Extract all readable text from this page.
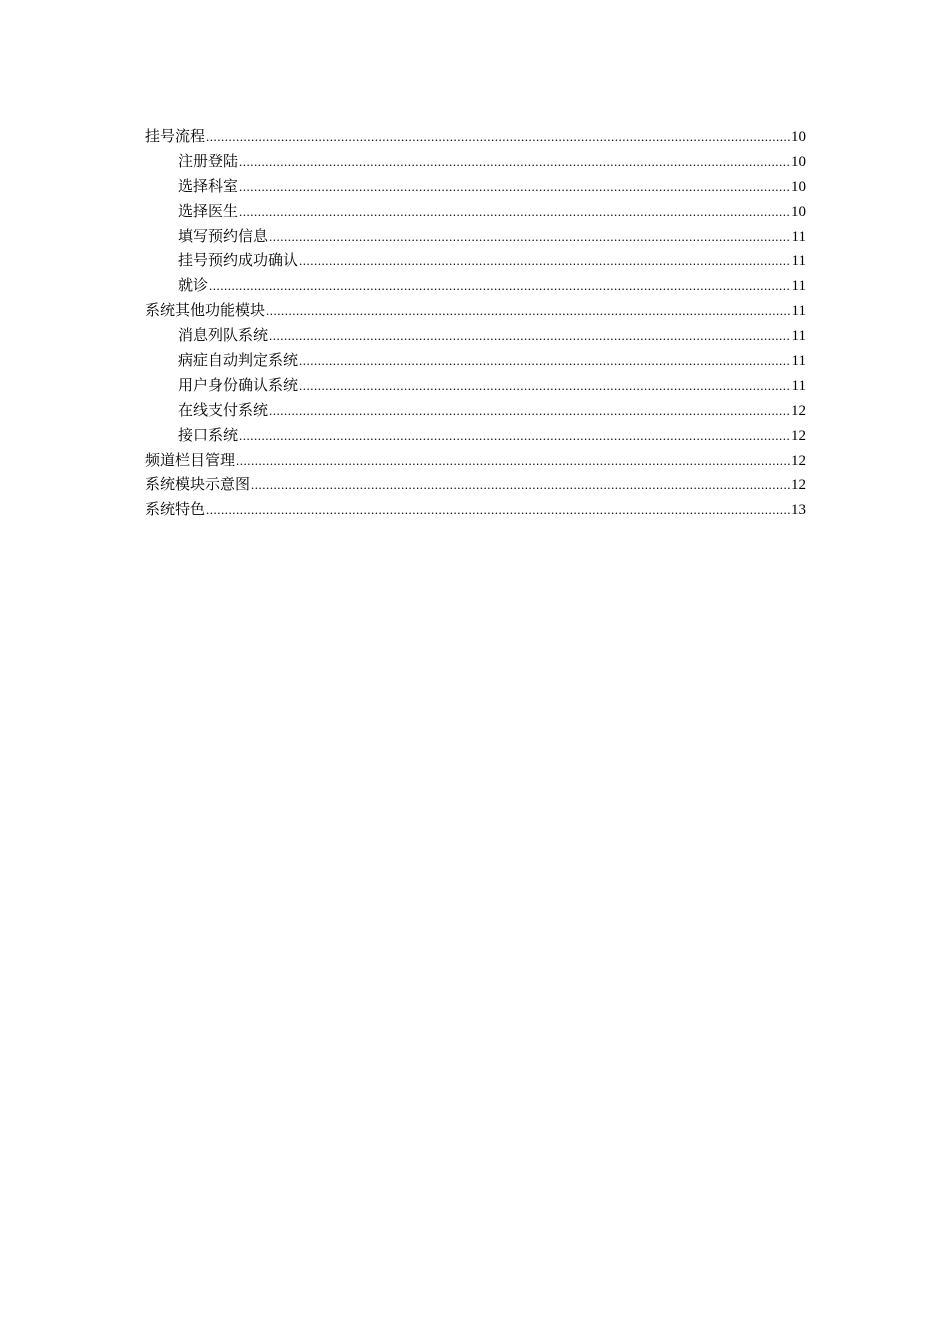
挂号流程 .....	10
注册登陆 .....	10
选择科室 .....	10
选择医生 .....	10
填写预约信息 .....	11
挂号预约成功确认 .....	11
就诊 .....	11
系统其他功能模块 .....	11
消息列队系统 .....	11
病症自动判定系统 .....	11
用户身份确认系统 .....	11
在线支付系统 .....	12
接口系统 .....	12
频道栏目管理 .....	12
系统模块示意图 .....	12
系统特色 .....	13
